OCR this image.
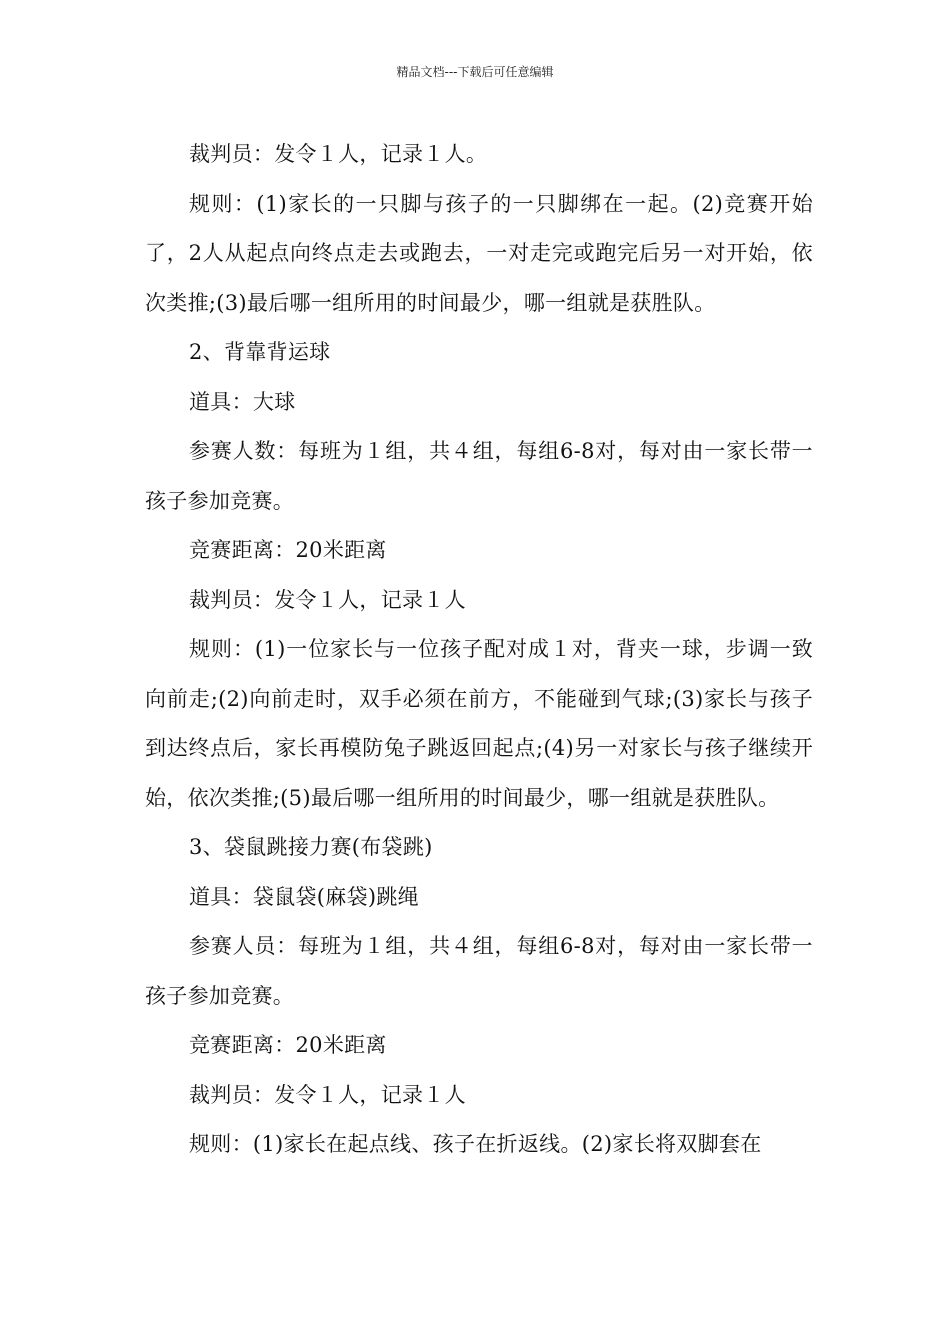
精品文档---下载后可任意编辑

裁判员：发令１人，记录１人。

规则：(1)家长的一只脚与孩子的一只脚绑在一起。(2)竞赛开始了，2人从起点向终点走去或跑去，一对走完或跑完后另一对开始，依次类推;(3)最后哪一组所用的时间最少，哪一组就是获胜队。

2、背靠背运球

道具：大球

参赛人数：每班为１组，共４组，每组6-8对，每对由一家长带一孩子参加竞赛。

竞赛距离：20米距离

裁判员：发令１人，记录１人

规则：(1)一位家长与一位孩子配对成１对，背夹一球，步调一致向前走;(2)向前走时，双手必须在前方，不能碰到气球;(3)家长与孩子到达终点后，家长再模防兔子跳返回起点;(4)另一对家长与孩子继续开始，依次类推;(5)最后哪一组所用的时间最少，哪一组就是获胜队。

3、袋鼠跳接力赛(布袋跳)

道具：袋鼠袋(麻袋)跳绳

参赛人员：每班为１组，共４组，每组6-8对，每对由一家长带一孩子参加竞赛。

竞赛距离：20米距离

裁判员：发令１人，记录１人

规则：(1)家长在起点线、孩子在折返线。(2)家长将双脚套在
